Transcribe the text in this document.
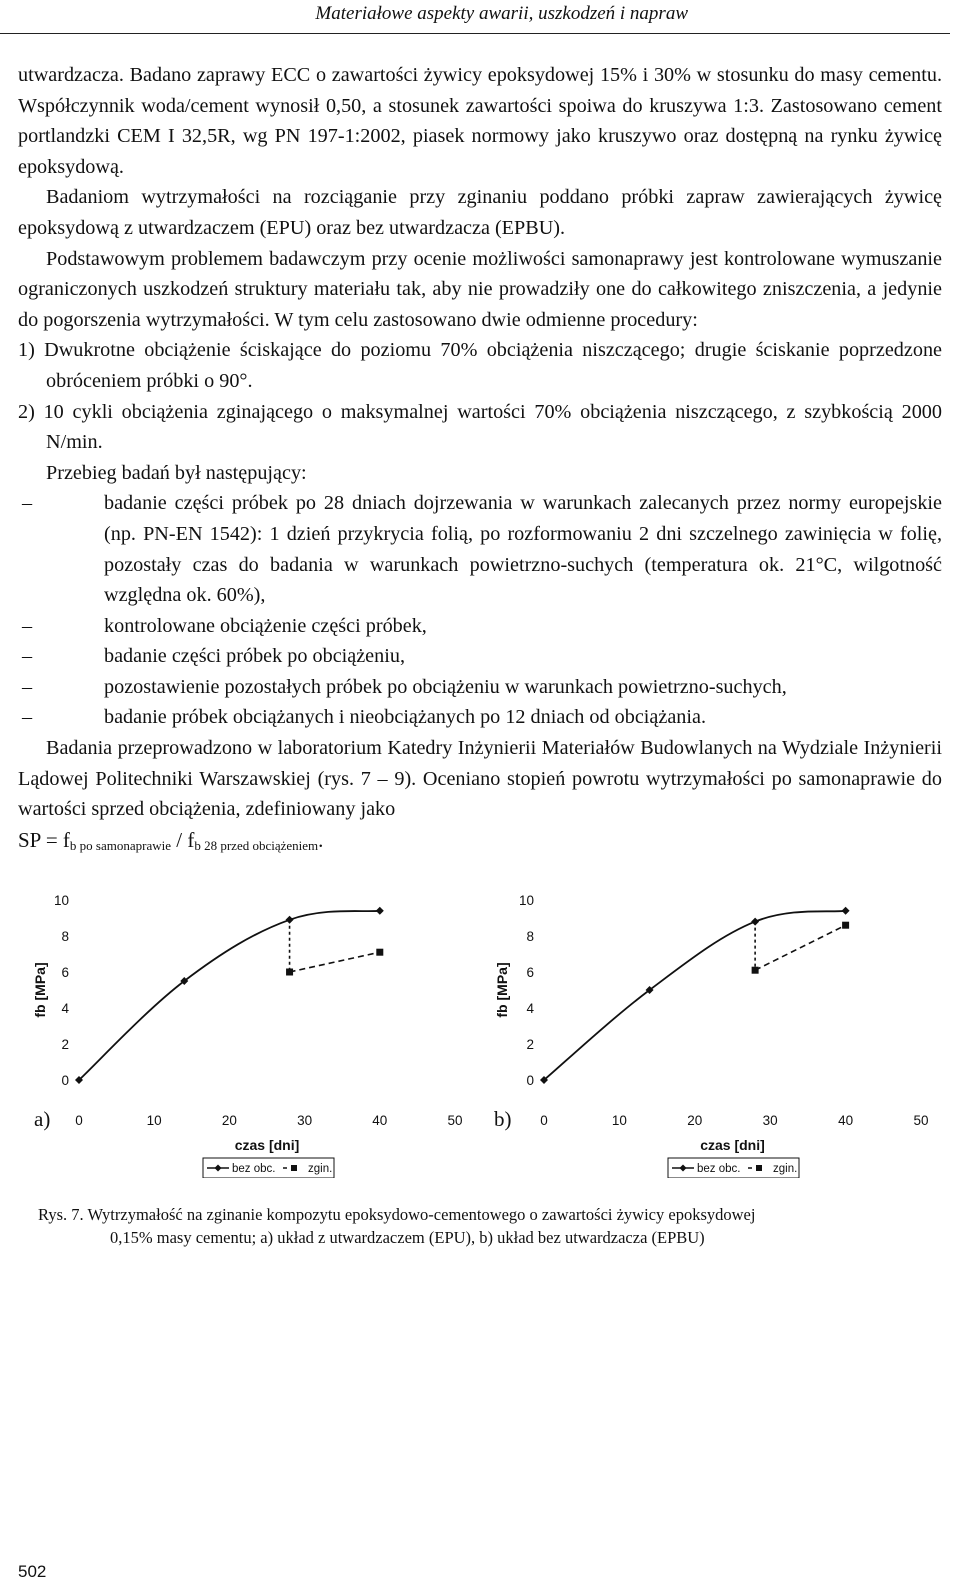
Materiałowe aspekty awarii, uszkodzeń i napraw

utwardzacza. Badano zaprawy ECC o zawartości żywicy epoksydowej 15% i 30% w stosunku do masy cementu. Współczynnik woda/cement wynosił 0,50, a stosunek zawartości spoiwa do kruszywa 1:3. Zastosowano cement portlandzki CEM I 32,5R, wg PN 197-1:2002, piasek normowy jako kruszywo oraz dostępną na rynku żywicę epoksydową.

Badaniom wytrzymałości na rozciąganie przy zginaniu poddano próbki zapraw zawierających żywicę epoksydową z utwardzaczem (EPU) oraz bez utwardzacza (EPBU).

Podstawowym problemem badawczym przy ocenie możliwości samonaprawy jest kontrolowane wymuszanie ograniczonych uszkodzeń struktury materiału tak, aby nie prowadziły one do całkowitego zniszczenia, a jedynie do pogorszenia wytrzymałości. W tym celu zastosowano dwie odmienne procedury:

1) Dwukrotne obciążenie ściskające do poziomu 70% obciążenia niszczącego; drugie ściskanie poprzedzone obróceniem próbki o 90°.

2) 10 cykli obciążenia zginającego o maksymalnej wartości 70% obciążenia niszczącego, z szybkością 2000 N/min.

Przebieg badań był następujący:

–	badanie części próbek po 28 dniach dojrzewania w warunkach zalecanych przez normy europejskie (np. PN-EN 1542): 1 dzień przykrycia folią, po rozformowaniu 2 dni szczelnego zawinięcia w folię, pozostały czas do badania w warunkach powietrzno-suchych (temperatura ok. 21°C, wilgotność względna ok. 60%),
–	kontrolowane obciążenie części próbek,
–	badanie części próbek po obciążeniu,
–	pozostawienie pozostałych próbek po obciążeniu w warunkach powietrzno-suchych,
–	badanie próbek obciążanych i nieobciążanych po 12 dniach od obciążania.

Badania przeprowadzono w laboratorium Katedry Inżynierii Materiałów Budowlanych na Wydziale Inżynierii Lądowej Politechniki Warszawskiej (rys. 7 – 9). Oceniano stopień powrotu wytrzymałości po samonaprawie do wartości sprzed obciążenia, zdefiniowany jako

SP = $f_{b po samonaprawie} / f_{b 28 przed obciążeniem}$.

0
2
4
6
8
10
0	10	20	30	40	50
fb [MPa]
czas [dni]
bez obc.	zgin.
a)
0
2
4
6
8
10
0	10	20	30	40	50
fb [MPa]
czas [dni]
bez obc.	zgin.
b)
Rys. 7. Wytrzymałość na zginanie kompozytu epoksydowo-cementowego o zawartości żywicy epoksydowej
0,15% masy cementu; a) układ z utwardzaczem (EPU), b) układ bez utwardzacza (EPBU)
502
